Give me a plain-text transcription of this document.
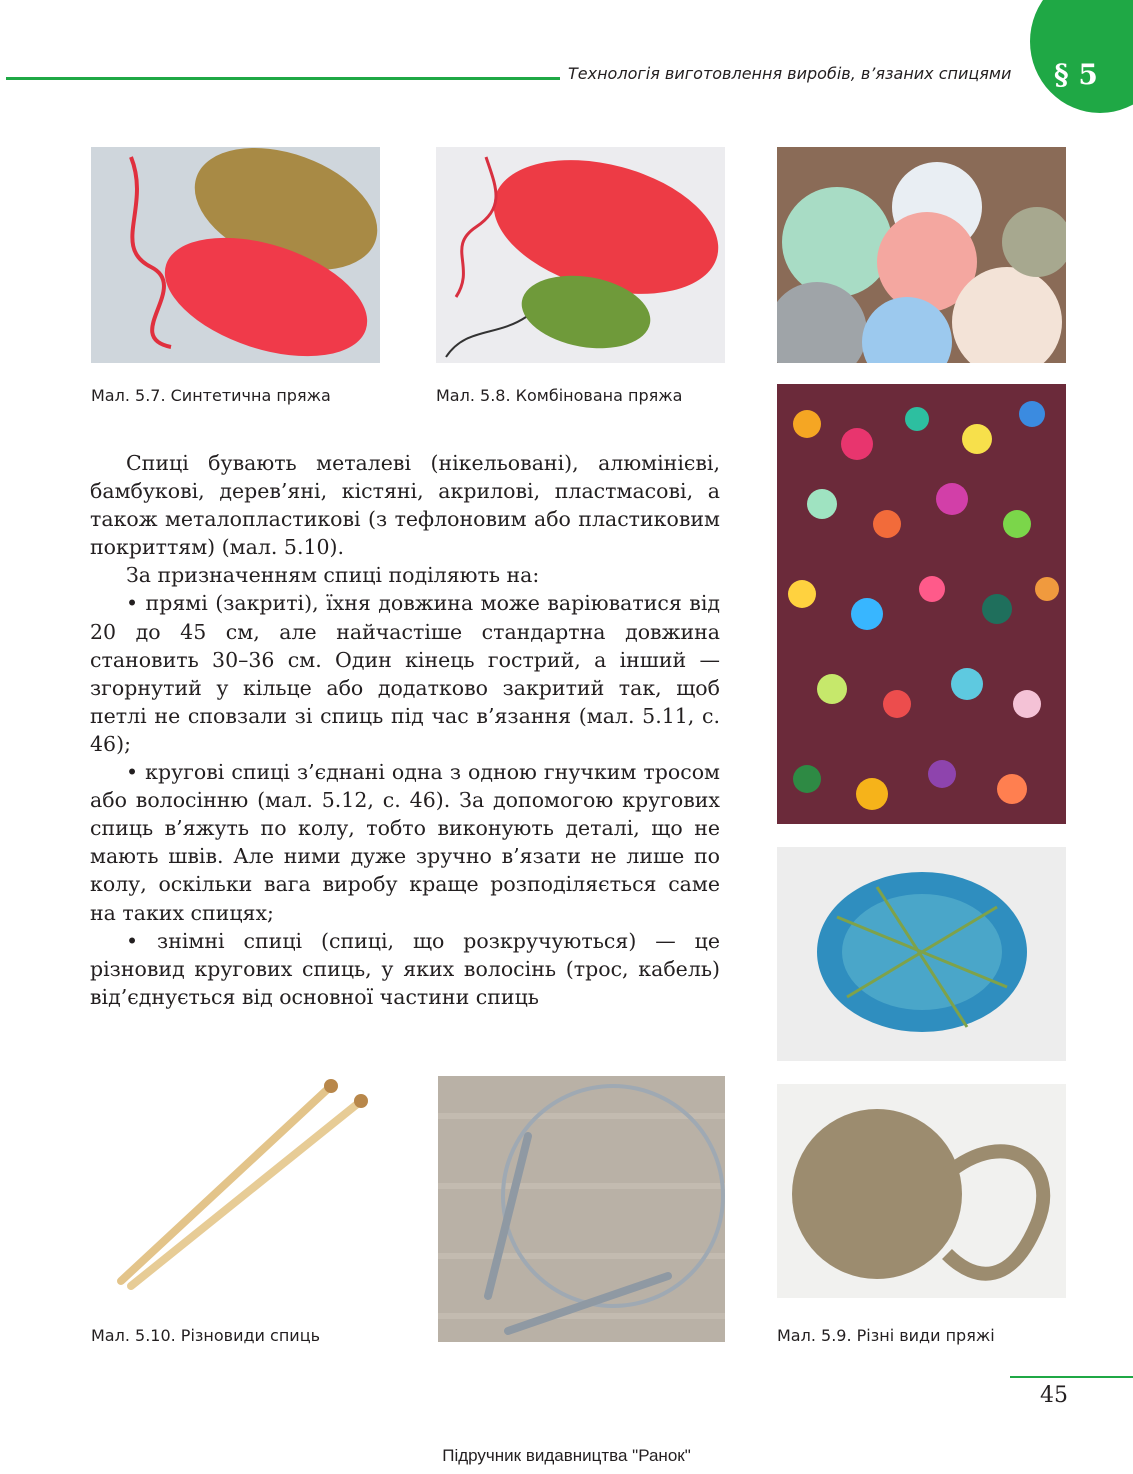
Технологія виготовлення виробів, в’язаних спицями	§ 5
Мал. 5.7. Синтетична пряжа	Мал. 5.8. Комбінована пряжа
Мал. 5.9. Різні види пряжі

Спиці бувають металеві (нікельовані), алюмінієві, бамбукові, дерев’яні, кістяні, акрилові, пластмасові, а також металопластикові (з тефлоновим або пластиковим покриттям) (мал. 5.10).

За призначенням спиці поділяють на:

• прямі (закриті), їхня довжина може варіюватися від 20 до 45 см, але найчастіше стандартна довжина становить 30–36 см. Один кінець гострий, а інший — згорнутий у кільце або додатково закритий так, щоб петлі не сповзали зі спиць під час в’язання (мал. 5.11, с. 46);

• кругові спиці з’єднані одна з одною гнучким тросом або волосінню (мал. 5.12, с. 46). За допомогою кругових спиць в’яжуть по колу, тобто виконують деталі, що не мають швів. Але ними дуже зручно в’язати не лише по колу, оскільки вага виробу краще розподіляється саме на таких спицях;

• знімні спиці (спиці, що розкручуються) — це різновид кругових спиць, у яких волосінь (трос, кабель) від’єднується від основної частини спиць

Мал. 5.10. Різновиди спиць
45
Підручник видавництва "Ранок"
